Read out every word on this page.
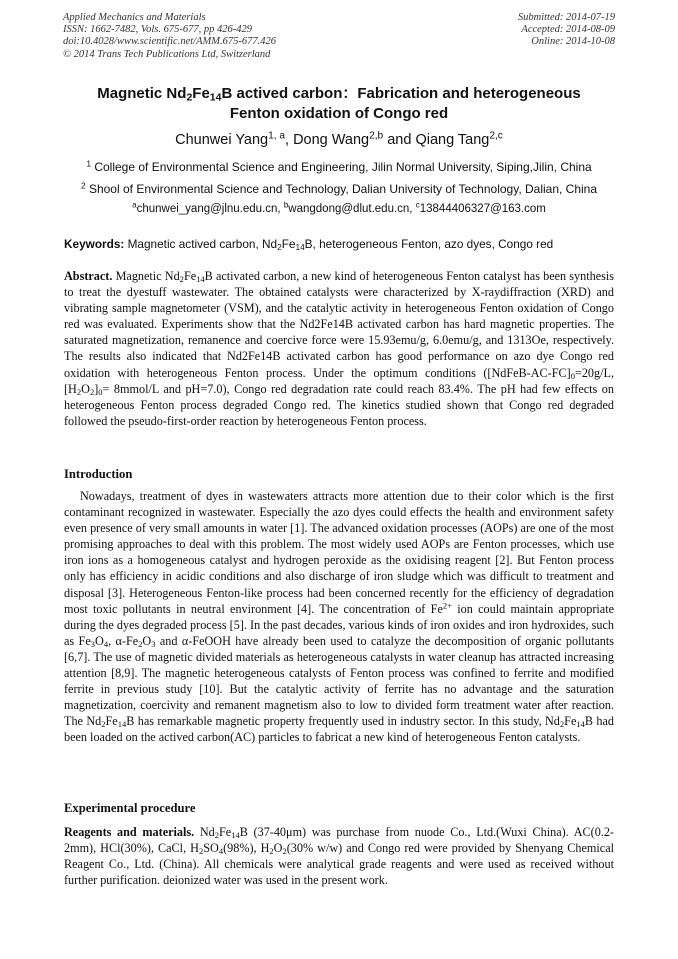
Applied Mechanics and Materials
ISSN: 1662-7482, Vols. 675-677, pp 426-429
doi:10.4028/www.scientific.net/AMM.675-677.426
© 2014 Trans Tech Publications Ltd, Switzerland
Submitted: 2014-07-19
Accepted: 2014-08-09
Online: 2014-10-08
Magnetic $Nd_2Fe_{14}B$ actived carbon：Fabrication and heterogeneous
Fenton oxidation of Congo red
Chunwei Yang$^{1, a}$, Dong Wang$^{2,b}$ and Qiang Tang$^{2,c}$
$^1$ College of Environmental Science and Engineering, Jilin Normal University, Siping,Jilin, China
$^2$ Shool of Environmental Science and Technology, Dalian University of Technology, Dalian, China
$^a$chunwei_yang@jlnu.edu.cn, $^b$wangdong@dlut.edu.cn, $^c$13844406327@163.com
Keywords: Magnetic actived carbon, $Nd_2Fe_{14}B$, heterogeneous Fenton, azo dyes, Congo red

Abstract. Magnetic $Nd_2Fe_{14}B$ activated carbon, a new kind of heterogeneous Fenton catalyst has been synthesis to treat the dyestuff wastewater. The obtained catalysts were characterized by X-raydiffraction (XRD) and vibrating sample magnetometer (VSM), and the catalytic activity in heterogeneous Fenton oxidation of Congo red was evaluated. Experiments show that the Nd2Fe14B activated carbon has hard magnetic properties. The saturated magnetization, remanence and coercive force were 15.93emu/g, 6.0emu/g, and 1313Oe, respectively. The results also indicated that Nd2Fe14B activated carbon has good performance on azo dye Congo red oxidation with heterogeneous Fenton process. Under the optimum conditions ($[NdFeB-AC-FC]_0=20g/L$, $[H_2O_2]_0=$ 8mmol/L and pH=7.0), Congo red degradation rate could reach 83.4%. The pH had few effects on heterogeneous Fenton process degraded Congo red. The kinetics studied shown that Congo red degraded followed the pseudo-first-order reaction by heterogeneous Fenton process.

Introduction

Nowadays, treatment of dyes in wastewaters attracts more attention due to their color which is the first contaminant recognized in wastewater. Especially the azo dyes could effects the health and environment safety even presence of very small amounts in water [1]. The advanced oxidation processes (AOPs) are one of the most promising approaches to deal with this problem. The most widely used AOPs are Fenton processes, which use iron ions as a homogeneous catalyst and hydrogen peroxide as the oxidising reagent [2]. But Fenton process only has efficiency in acidic conditions and also discharge of iron sludge which was difficult to treatment and disposal [3]. Heterogeneous Fenton-like process had been concerned recently for the efficiency of degradation most toxic pollutants in neutral environment [4]. The concentration of $Fe^{2+}$ ion could maintain appropriate during the dyes degraded process [5]. In the past decades, various kinds of iron oxides and iron hydroxides, such as $Fe_3O_4$, $\alpha-Fe_2O_3$ and α-FeOOH have already been used to catalyze the decomposition of organic pollutants [6,7]. The use of magnetic divided materials as heterogeneous catalysts in water cleanup has attracted increasing attention [8,9]. The magnetic heterogeneous catalysts of Fenton process was confined to ferrite and modified ferrite in previous study [10]. But the catalytic activity of ferrite has no advantage and the saturation magnetization, coercivity and remanent magnetism also to low to divided form treatment water after reaction. The $Nd_2Fe_{14}B$ has remarkable magnetic property frequently used in industry sector. In this study, $Nd_2Fe_{14}B$ had been loaded on the actived carbon(AC) particles to fabricat a new kind of heterogeneous Fenton catalysts.

Experimental procedure

Reagents and materials. $Nd_2Fe_{14}B$ (37-40μm) was purchase from nuode Co., Ltd.(Wuxi China). AC(0.2-2mm), HCl(30%), CaCl, $H_2SO_4(98\%)$, $H_2O_2(30\%$ w/w) and Congo red were provided by Shenyang Chemical Reagent Co., Ltd. (China). All chemicals were analytical grade reagents and were used as received without further purification. deionized water was used in the present work.
